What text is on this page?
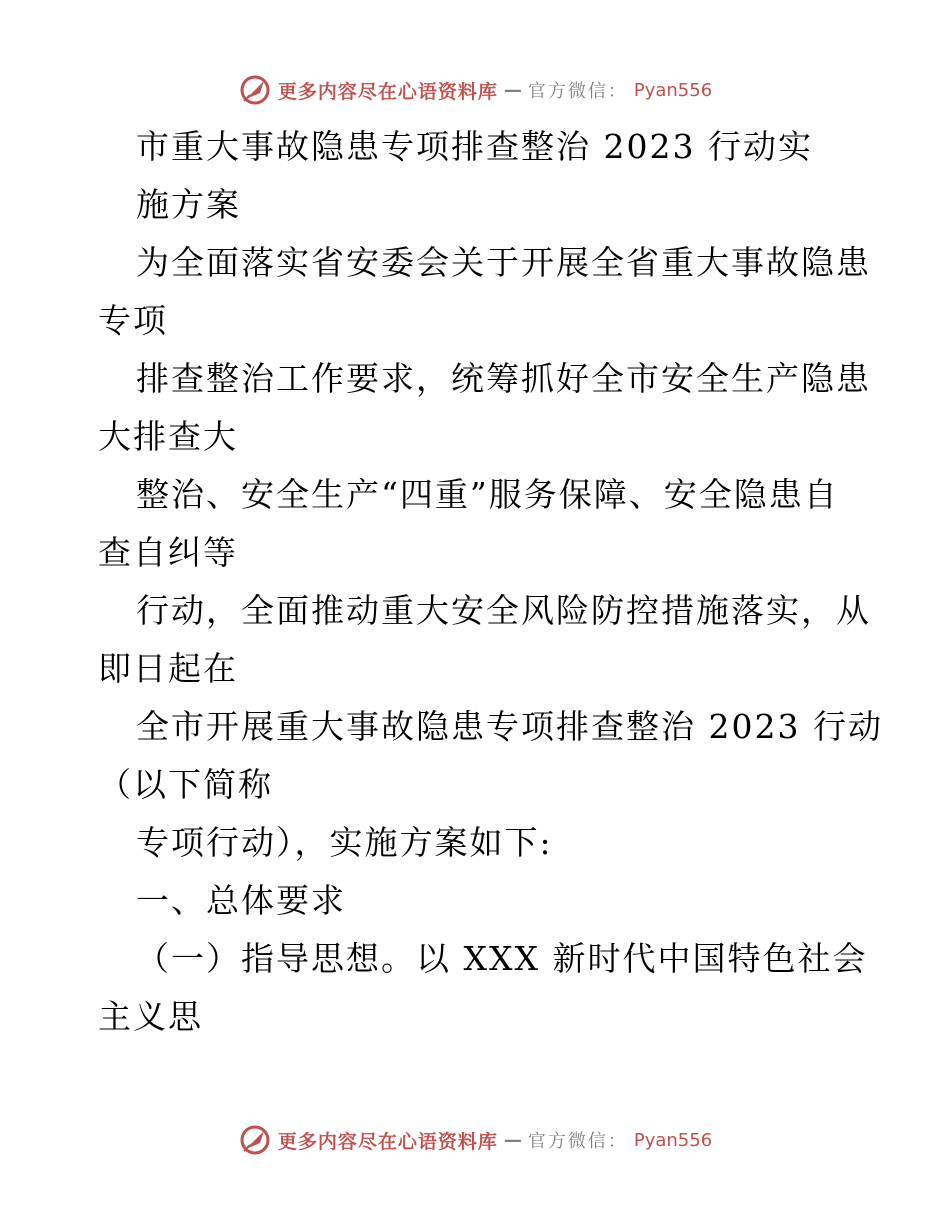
更多内容尽在心语资料库 — 官方微信： Pyan556
市重大事故隐患专项排查整治 2023 行动实
施方案
为全面落实省安委会关于开展全省重大事故隐患
专项
排查整治工作要求，统筹抓好全市安全生产隐患
大排查大
整治、安全生产“四重”服务保障、安全隐患自
查自纠等
行动，全面推动重大安全风险防控措施落实，从
即日起在
全市开展重大事故隐患专项排查整治 2023 行动
（以下简称
专项行动），实施方案如下:
一、总体要求
（一）指导思想。以 XXX 新时代中国特色社会
主义思
更多内容尽在心语资料库 — 官方微信： Pyan556
